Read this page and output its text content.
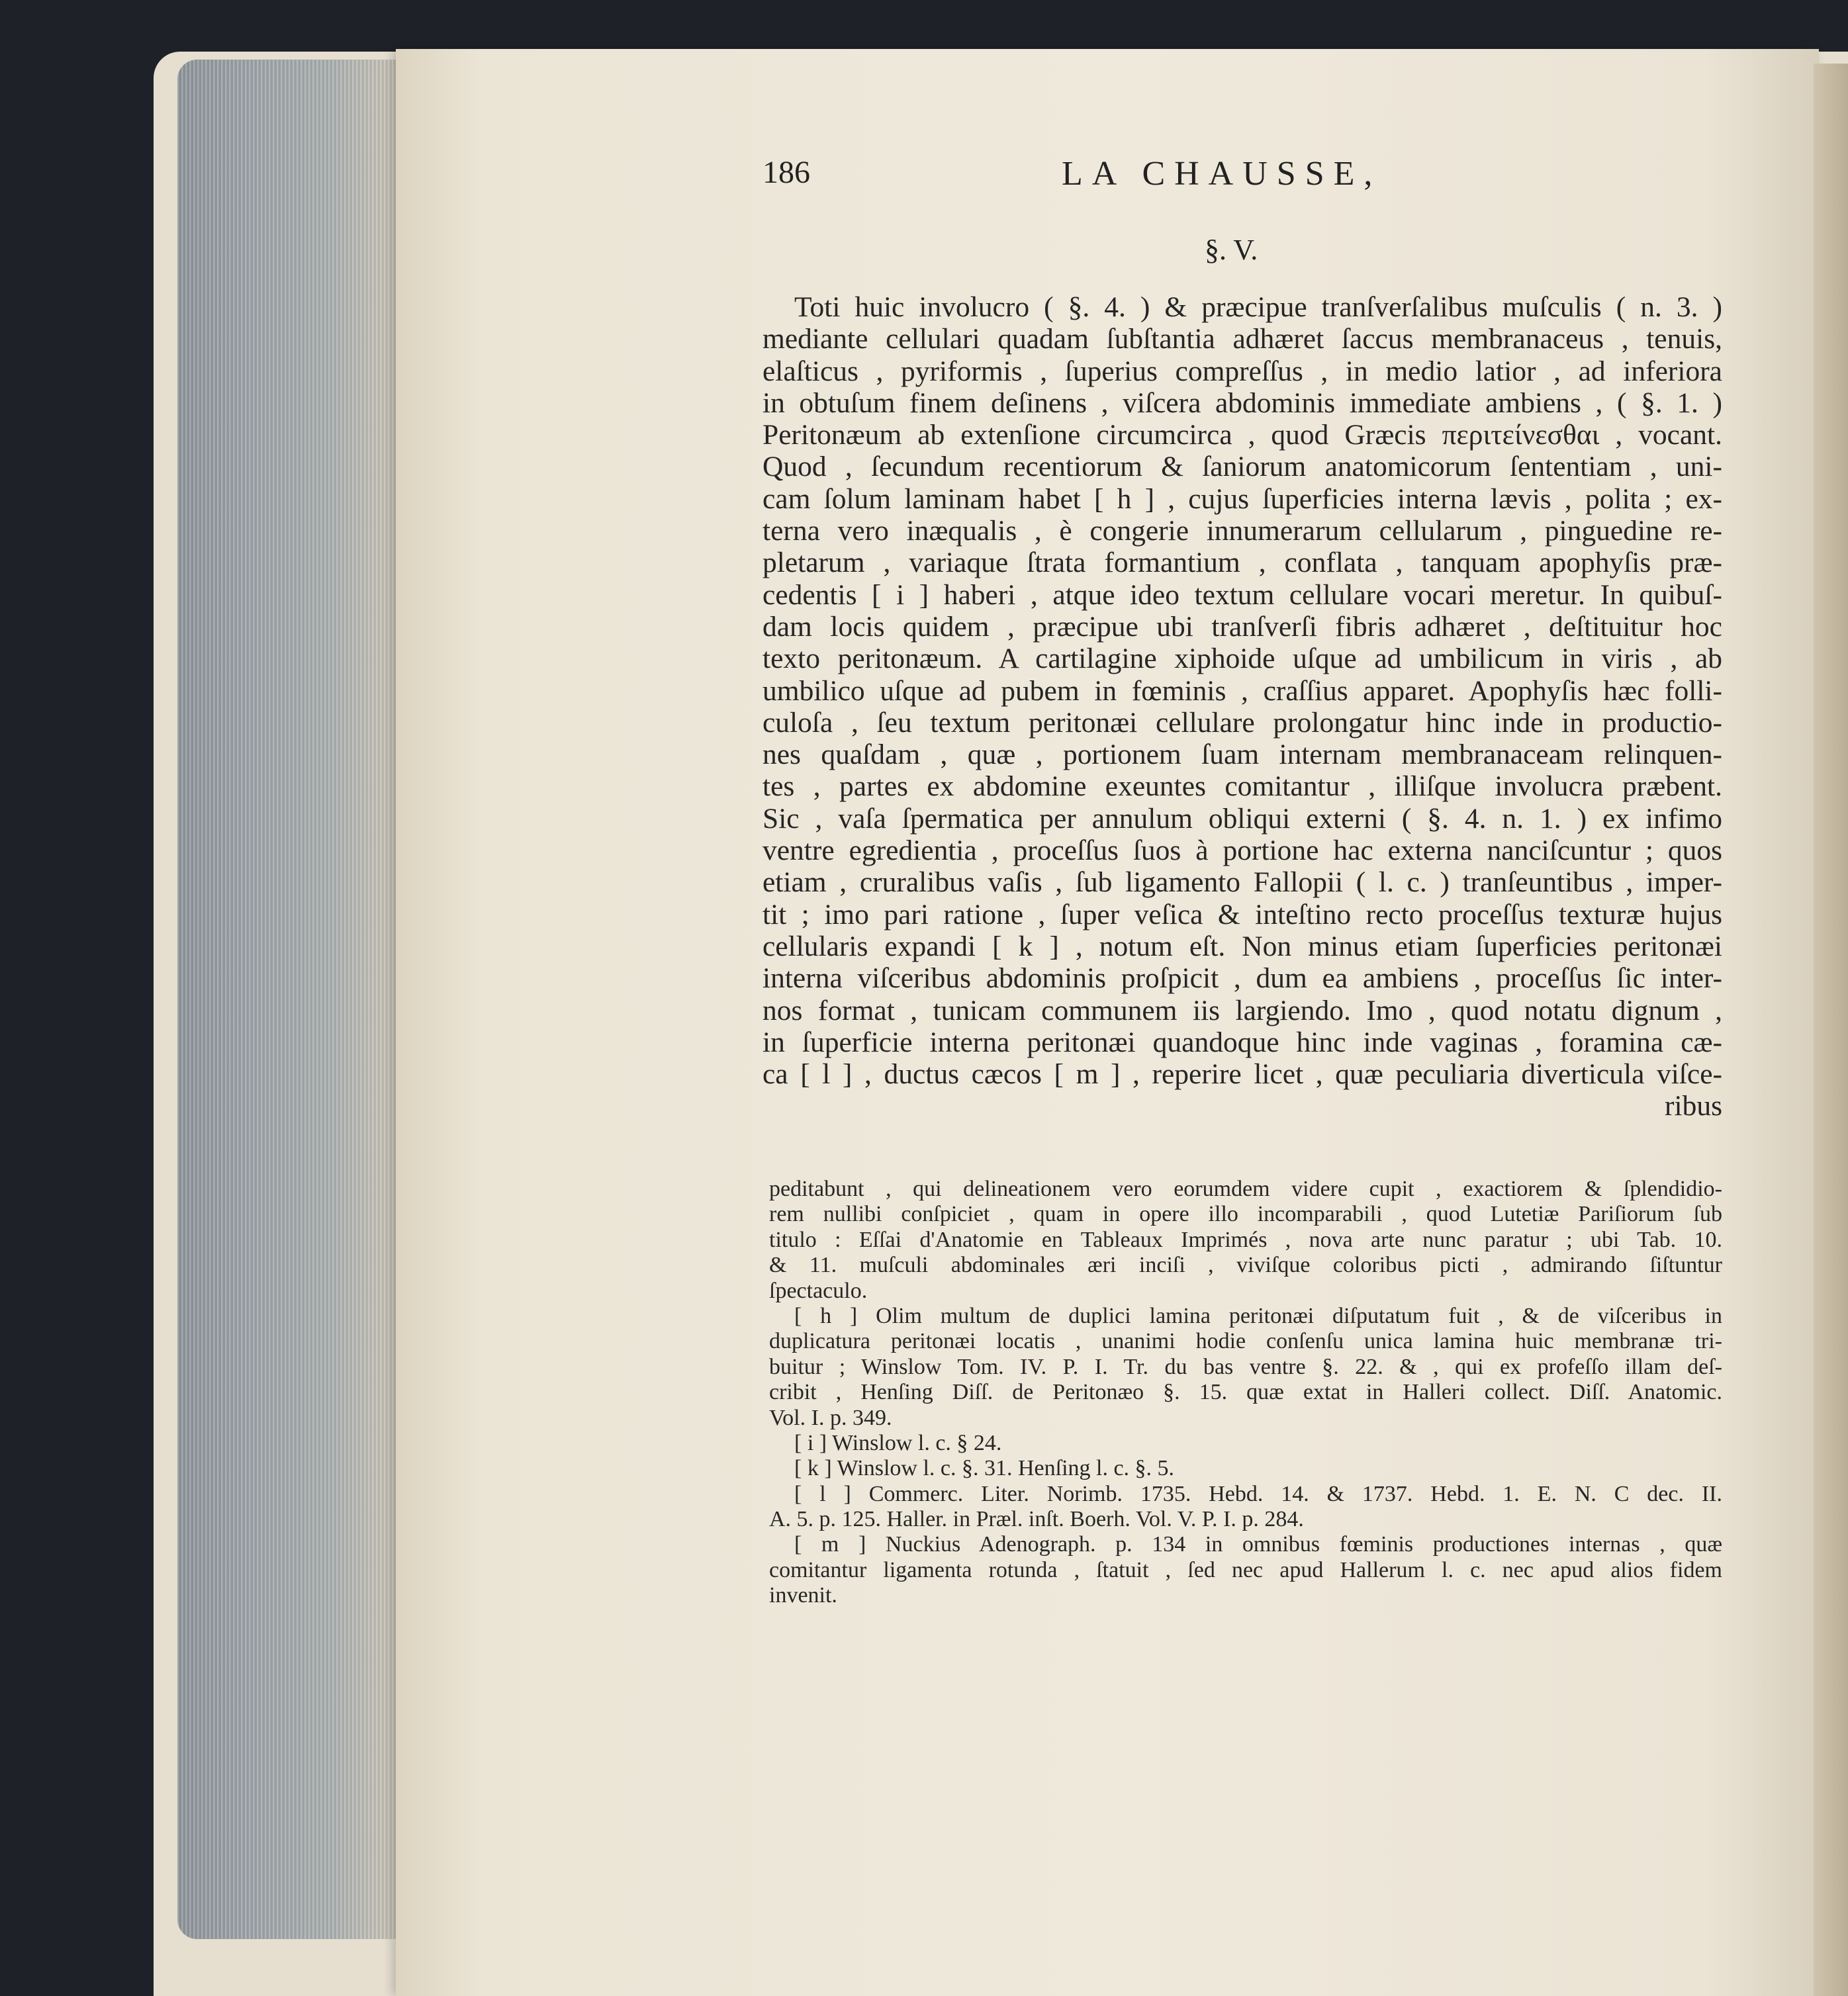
186	LA CHAUSSE,
§. V.
Toti huic involucro ( §. 4. ) & præcipue tranſverſalibus muſculis ( n. 3. )
mediante cellulari quadam ſubſtantia adhæret ſaccus membranaceus , tenuis,
elaſticus , pyriformis , ſuperius compreſſus , in medio latior , ad inferiora
in obtuſum finem deſinens , viſcera abdominis immediate ambiens , ( §. 1. )
Peritonæum ab extenſione circumcirca , quod Græcis περιτείνεσθαι , vocant.
Quod , ſecundum recentiorum & ſaniorum anatomicorum ſententiam , uni-
cam ſolum laminam habet [ h ] , cujus ſuperficies interna lævis , polita ; ex-
terna vero inæqualis , è congerie innumerarum cellularum , pinguedine re-
pletarum , variaque ſtrata formantium , conflata , tanquam apophyſis præ-
cedentis [ i ] haberi , atque ideo textum cellulare vocari meretur. In quibuſ-
dam locis quidem , præcipue ubi tranſverſi fibris adhæret , deſtituitur hoc
texto peritonæum. A cartilagine xiphoide uſque ad umbilicum in viris , ab
umbilico uſque ad pubem in fœminis , craſſius apparet. Apophyſis hæc folli-
culoſa , ſeu textum peritonæi cellulare prolongatur hinc inde in productio-
nes quaſdam , quæ , portionem ſuam internam membranaceam relinquen-
tes , partes ex abdomine exeuntes comitantur , illiſque involucra præbent.
Sic , vaſa ſpermatica per annulum obliqui externi ( §. 4. n. 1. ) ex infimo
ventre egredientia , proceſſus ſuos à portione hac externa nanciſcuntur ; quos
etiam , cruralibus vaſis , ſub ligamento Fallopii ( l. c. ) tranſeuntibus , imper-
tit ; imo pari ratione , ſuper veſica & inteſtino recto proceſſus texturæ hujus
cellularis expandi [ k ] , notum eſt. Non minus etiam ſuperficies peritonæi
interna viſceribus abdominis proſpicit , dum ea ambiens , proceſſus ſic inter-
nos format , tunicam communem iis largiendo. Imo , quod notatu dignum ,
in ſuperficie interna peritonæi quandoque hinc inde vaginas , foramina cæ-
ca [ l ] , ductus cæcos [ m ] , reperire licet , quæ peculiaria diverticula viſce-
ribus
peditabunt , qui delineationem vero eorumdem videre cupit , exactiorem & ſplendidio-
rem nullibi conſpiciet , quam in opere illo incomparabili , quod Lutetiæ Pariſiorum ſub
titulo : Eſſai d'Anatomie en Tableaux Imprimés , nova arte nunc paratur ; ubi Tab. 10.
& 11. muſculi abdominales æri inciſi , viviſque coloribus picti , admirando ſiſtuntur
ſpectaculo.
[ h ] Olim multum de duplici lamina peritonæi diſputatum fuit , & de viſceribus in
duplicatura peritonæi locatis , unanimi hodie conſenſu unica lamina huic membranæ tri-
buitur ; Winslow Tom. IV. P. I. Tr. du bas ventre §. 22. & , qui ex profeſſo illam deſ-
cribit , Henſing Diſſ. de Peritonæo §. 15. quæ extat in Halleri collect. Diſſ. Anatomic.
Vol. I. p. 349.
[ i ] Winslow l. c. § 24.
[ k ] Winslow l. c. §. 31. Henſing l. c. §. 5.
[ l ] Commerc. Liter. Norimb. 1735. Hebd. 14. & 1737. Hebd. 1. E. N. C dec. II.
A. 5. p. 125. Haller. in Præl. inſt. Boerh. Vol. V. P. I. p. 284.
[ m ] Nuckius Adenograph. p. 134 in omnibus fœminis productiones internas , quæ
comitantur ligamenta rotunda , ſtatuit , ſed nec apud Hallerum l. c. nec apud alios fidem
invenit.
